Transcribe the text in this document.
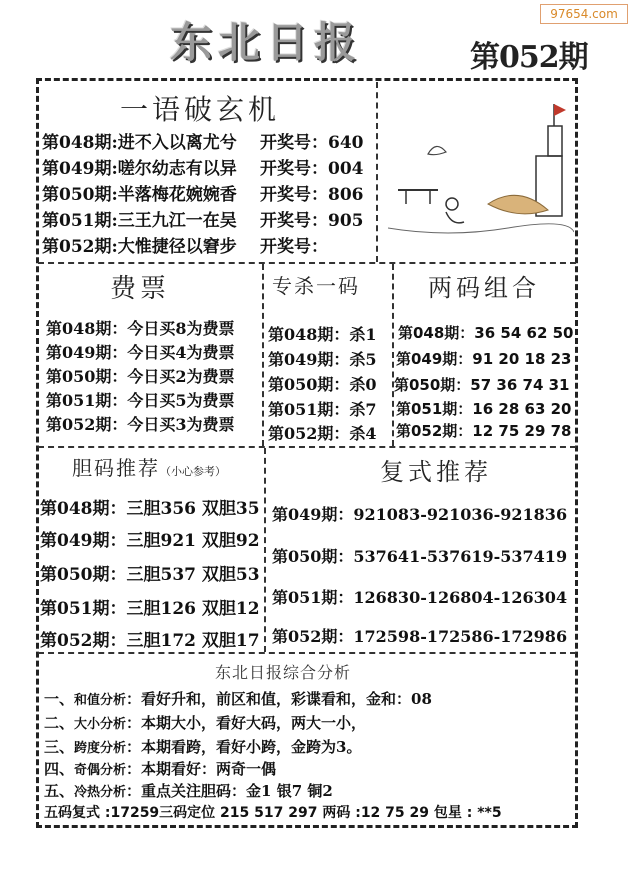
97654.com
东北日报	第052期
一语破玄机
第048期:进不入以离尤兮 开奖号：640
第049期:嗟尔幼志有以异 开奖号：004
第050期:半落梅花婉婉香 开奖号：806
第051期:三王九江一在吴 开奖号：905
第052期:大惟捷径以窘步 开奖号：
费票
第048期：今日买8为费票
第049期：今日买4为费票
第050期：今日买2为费票
第051期：今日买5为费票
第052期：今日买3为费票
专杀一码
第048期：杀1
第049期：杀5
第050期：杀0
第051期：杀7
第052期：杀4
两码组合
第048期：36 54 62 50
第049期：91 20 18 23
第050期：57 36 74 31
第051期：16 28 63 20
第052期：12 75 29 78
胆码推荐（小心参考）
第048期：三胆356 双胆35
第049期：三胆921 双胆92
第050期：三胆537 双胆53
第051期：三胆126 双胆12
第052期：三胆172 双胆17
复式推荐
第049期：921083-921036-921836
第050期：537641-537619-537419
第051期：126830-126804-126304
第052期：172598-172586-172986
东北日报综合分析
一、和值分析：看好升和，前区和值，彩谍看和，金和：08
二、大小分析：本期大小，看好大码，两大一小，
三、跨度分析：本期看跨，看好小跨，金跨为3。
四、奇偶分析：本期看好：两奇一偶
五、冷热分析：重点关注胆码：金1 银7 铜2
五码复式 :17259三码定位 215 517 297 两码 :12 75 29 包星 : **5
